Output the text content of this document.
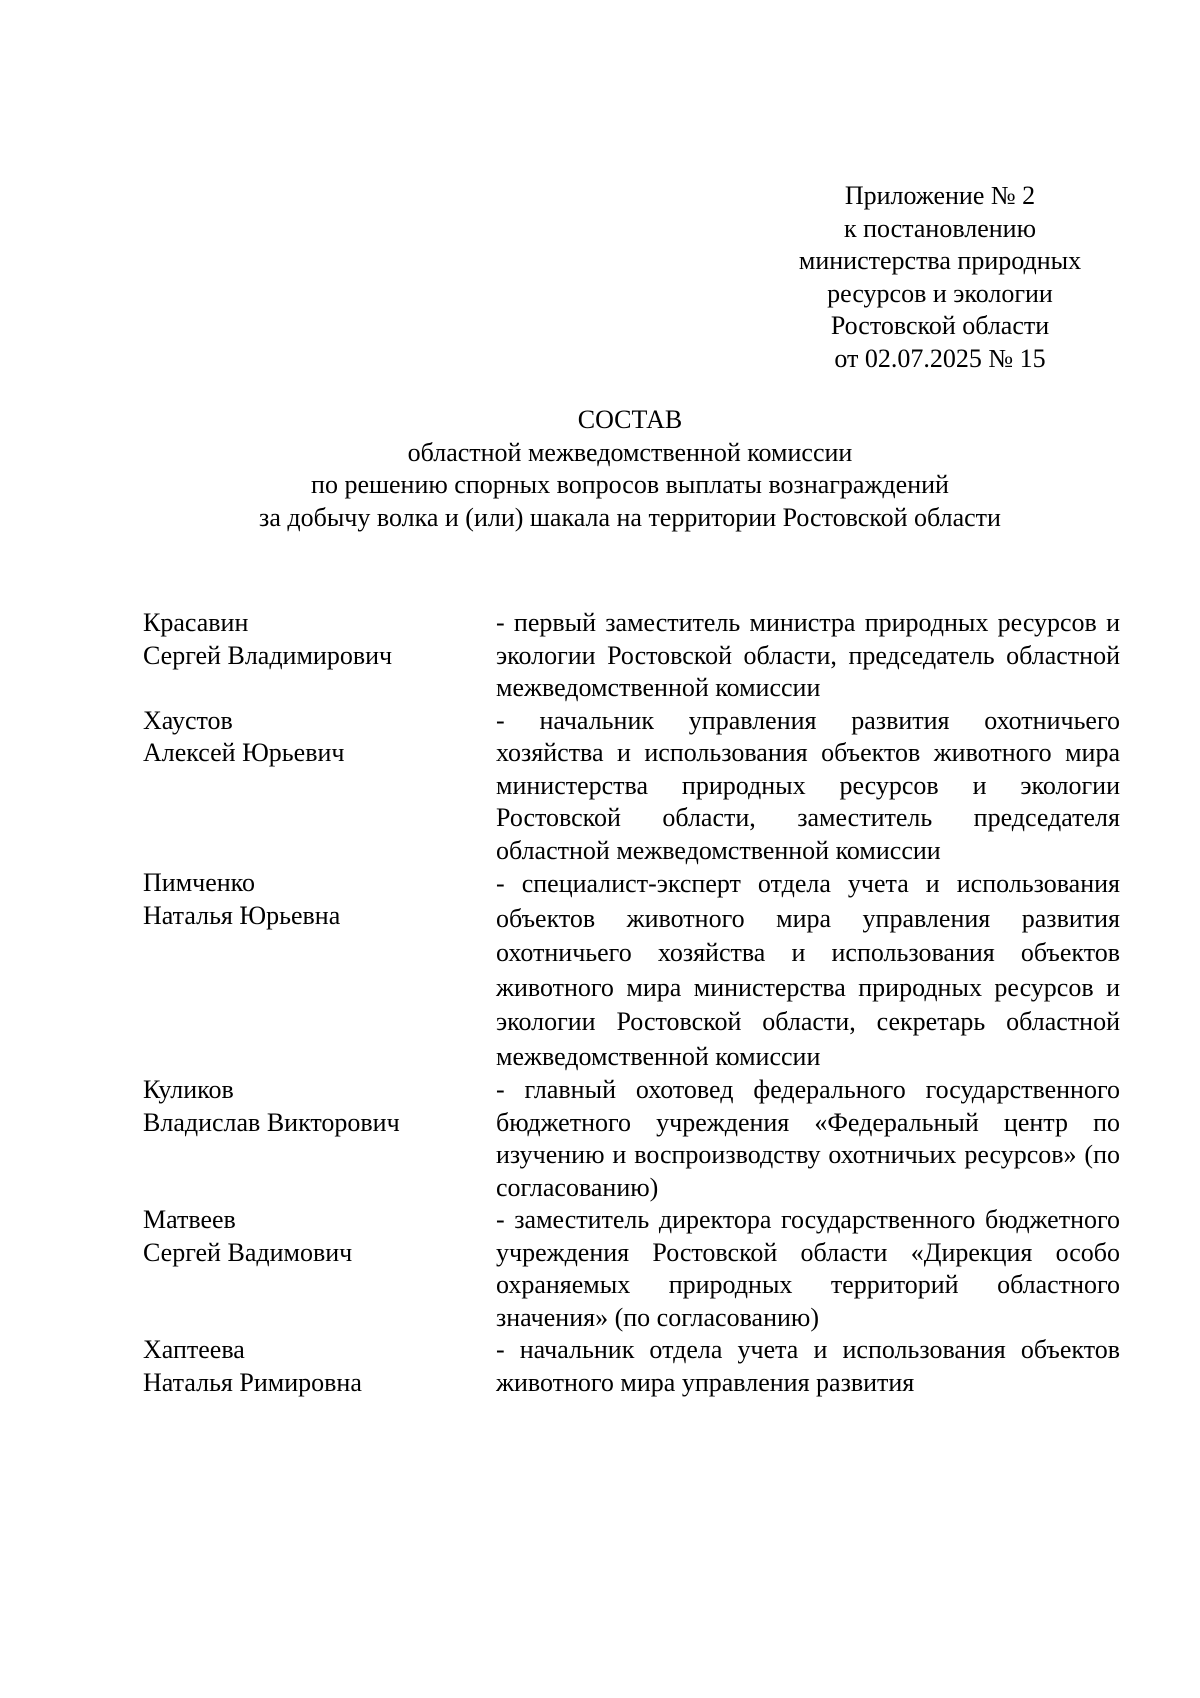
Приложение № 2
к постановлению
министерства природных
ресурсов и экологии
Ростовской области
от 02.07.2025 № 15
СОСТАВ
областной межведомственной комиссии
по решению спорных вопросов выплаты вознаграждений
за добычу волка и (или) шакала на территории Ростовской области
Красавин
Сергей Владимирович
- первый заместитель министра природных ресурсов и экологии Ростовской области, председатель областной межведомственной комиссии
Хаустов
Алексей Юрьевич
- начальник управления развития охотничьего хозяйства и использования объектов животного мира министерства природных ресурсов и экологии Ростовской области, заместитель председателя областной межведомственной комиссии
Пимченко
Наталья Юрьевна
- специалист-эксперт отдела учета и использования объектов животного мира управления развития охотничьего хозяйства и использования объектов животного мира министерства природных ресурсов и экологии Ростовской области, секретарь областной межведомственной комиссии
Куликов
Владислав Викторович
- главный охотовед федерального государственного бюджетного учреждения «Федеральный центр по изучению и воспроизводству охотничьих ресурсов» (по согласованию)
Матвеев
Сергей Вадимович
- заместитель директора государственного бюджетного учреждения Ростовской области «Дирекция особо охраняемых природных территорий областного значения» (по согласованию)
Хаптеева
Наталья Римировна
- начальник отдела учета и использования объектов животного мира управления развития
